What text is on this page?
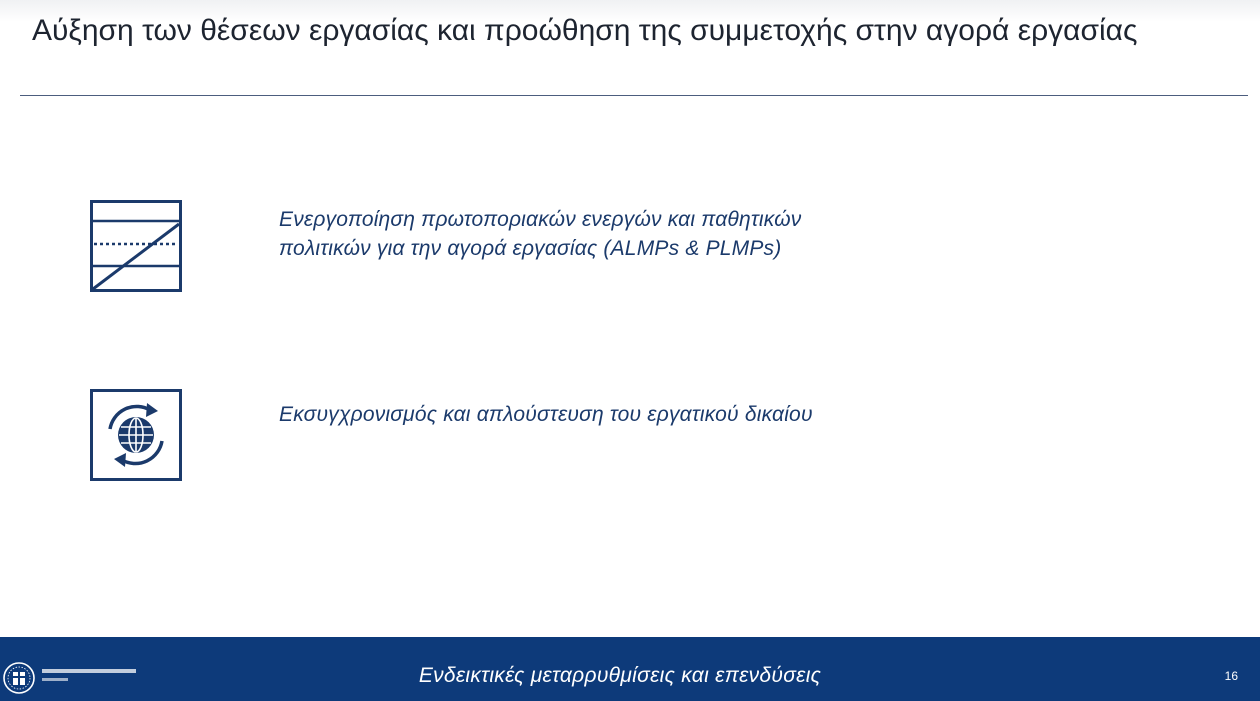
Αύξηση των θέσεων εργασίας και προώθηση της συμμετοχής στην αγορά εργασίας
Ενεργοποίηση πρωτοποριακών ενεργών και παθητικών πολιτικών για την αγορά εργασίας (ALMPs & PLMPs)
Εκσυγχρονισμός και απλούστευση του εργατικού δικαίου
Ενδεικτικές μεταρρυθμίσεις και επενδύσεις	16
